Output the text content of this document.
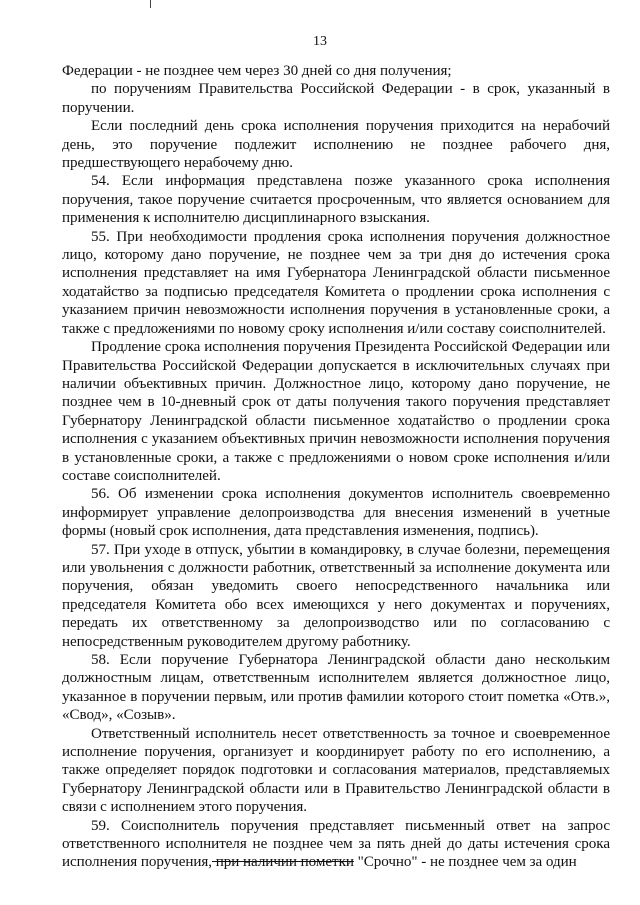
13

Федерации - не позднее чем через 30 дней со дня получения;

по поручениям Правительства Российской Федерации - в срок, указанный в поручении.

Если последний день срока исполнения поручения приходится на нерабочий день, это поручение подлежит исполнению не позднее рабочего дня, предшествующего нерабочему дню.

54. Если информация представлена позже указанного срока исполнения поручения, такое поручение считается просроченным, что является основанием для применения к исполнителю дисциплинарного взыскания.

55. При необходимости продления срока исполнения поручения должностное лицо, которому дано поручение, не позднее чем за три дня до истечения срока исполнения представляет на имя Губернатора Ленинградской области письменное ходатайство за подписью председателя Комитета о продлении срока исполнения с указанием причин невозможности исполнения поручения в установленные сроки, а также с предложениями по новому сроку исполнения и/или составу соисполнителей.

Продление срока исполнения поручения Президента Российской Федерации или Правительства Российской Федерации допускается в исключительных случаях при наличии объективных причин. Должностное лицо, которому дано поручение, не позднее чем в 10-дневный срок от даты получения такого поручения представляет Губернатору Ленинградской области письменное ходатайство о продлении срока исполнения с указанием объективных причин невозможности исполнения поручения в установленные сроки, а также с предложениями о новом сроке исполнения и/или составе соисполнителей.

56. Об изменении срока исполнения документов исполнитель своевременно информирует управление делопроизводства для внесения изменений в учетные формы (новый срок исполнения, дата представления изменения, подпись).

57. При уходе в отпуск, убытии в командировку, в случае болезни, перемещения или увольнения с должности работник, ответственный за исполнение документа или поручения, обязан уведомить своего непосредственного начальника или председателя Комитета обо всех имеющихся у него документах и поручениях, передать их ответственному за делопроизводство или по согласованию с непосредственным руководителем другому работнику.

58. Если поручение Губернатора Ленинградской области дано нескольким должностным лицам, ответственным исполнителем является должностное лицо, указанное в поручении первым, или против фамилии которого стоит пометка «Отв.», «Свод», «Созыв».

Ответственный исполнитель несет ответственность за точное и своевременное исполнение поручения, организует и координирует работу по его исполнению, а также определяет порядок подготовки и согласования материалов, представляемых Губернатору Ленинградской области или в Правительство Ленинградской области в связи с исполнением этого поручения.

59. Соисполнитель поручения представляет письменный ответ на запрос ответственного исполнителя не позднее чем за пять дней до даты истечения срока исполнения поручения, при наличии пометки "Срочно" - не позднее чем за один
